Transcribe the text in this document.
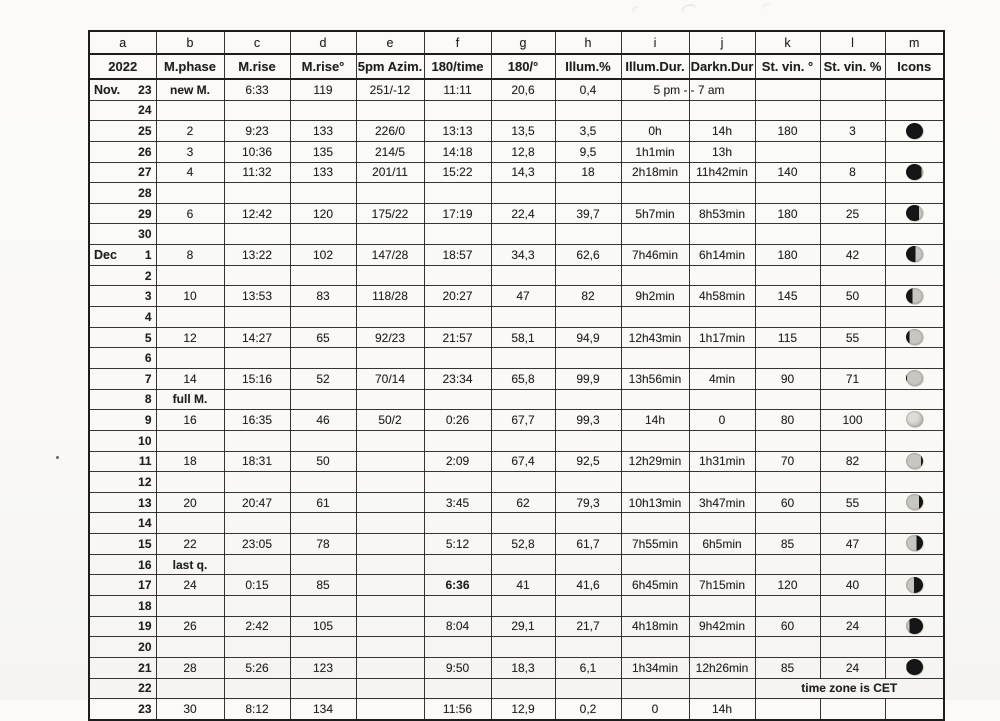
a	b	c	d	e	f	g	h	i	j	k	l	m
2022	M.phase	M.rise	M.rise°	5pm Azim.	180/time	180/°	Illum.%	Illum.Dur.	Darkn.Dur	St. vin. °	St. vin. %	Icons

Nov. 23	new M.	6:33	119	251/-12	11:11	20,6	0,4	5 pm -	- 7 am			

24												

25	2	9:23	133	226/0	13:13	13,5	3,5	0h	14h	180	3	

26	3	10:36	135	214/5	14:18	12,8	9,5	1h1min	13h			

27	4	11:32	133	201/11	15:22	14,3	18	2h18min	11h42min	140	8	

28												

29	6	12:42	120	175/22	17:19	22,4	39,7	5h7min	8h53min	180	25	

30												

Dec 1	8	13:22	102	147/28	18:57	34,3	62,6	7h46min	6h14min	180	42	

2												

3	10	13:53	83	118/28	20:27	47	82	9h2min	4h58min	145	50	

4												

5	12	14:27	65	92/23	21:57	58,1	94,9	12h43min	1h17min	115	55	

6												

7	14	15:16	52	70/14	23:34	65,8	99,9	13h56min	4min	90	71	

8	full M.											

9	16	16:35	46	50/2	0:26	67,7	99,3	14h	0	80	100	

10												

11	18	18:31	50		2:09	67,4	92,5	12h29min	1h31min	70	82	

12												

13	20	20:47	61		3:45	62	79,3	10h13min	3h47min	60	55	

14												

15	22	23:05	78		5:12	52,8	61,7	7h55min	6h5min	85	47	

16	last q.											

17	24	0:15	85		6:36	41	41,6	6h45min	7h15min	120	40	

18												

19	26	2:42	105		8:04	29,1	21,7	4h18min	9h42min	60	24	

20												

21	28	5:26	123		9:50	18,3	6,1	1h34min	12h26min	85	24	

22										time zone is CET		

23	30	8:12	134		11:56	12,9	0,2	0	14h			
